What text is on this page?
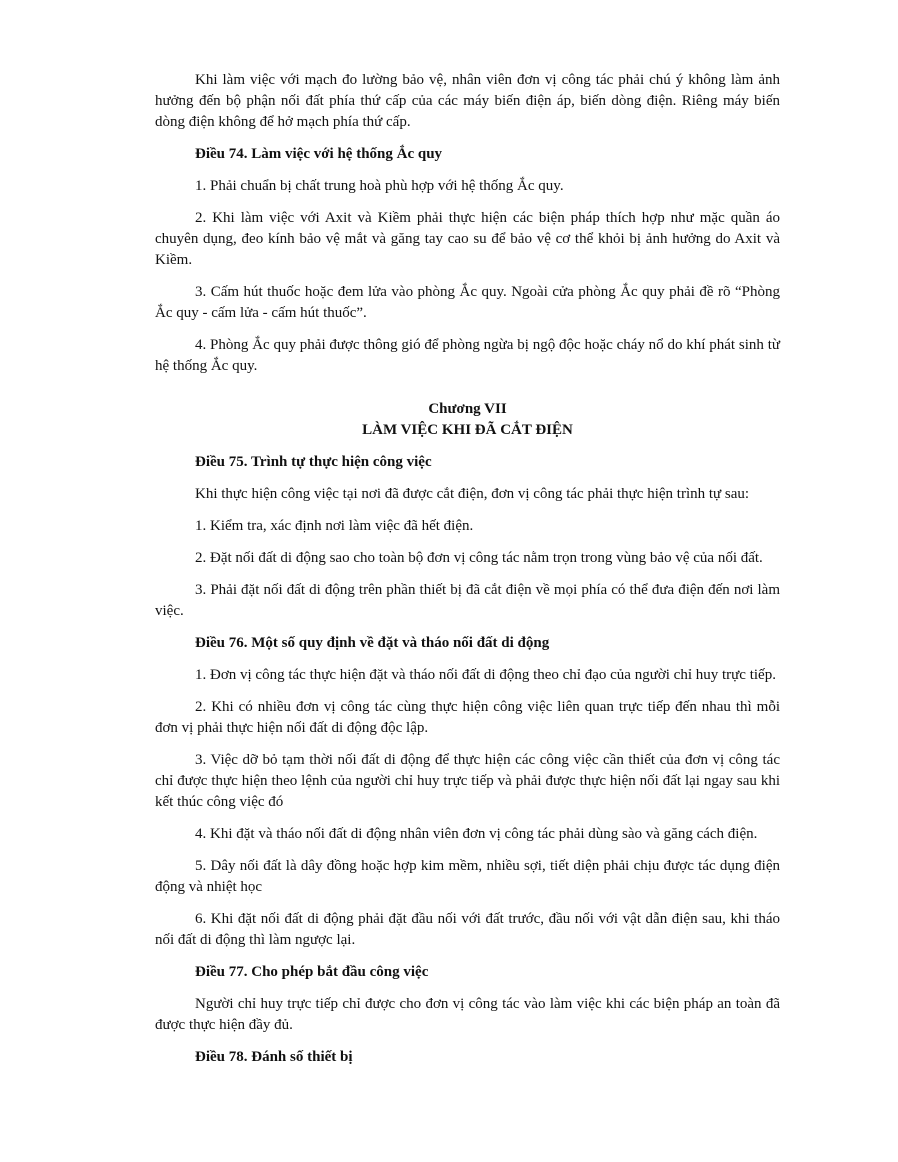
Khi làm việc với mạch đo lường bảo vệ, nhân viên đơn vị công tác phải chú ý không làm ảnh hưởng đến bộ phận nối đất phía thứ cấp của các máy biến điện áp, biến dòng điện. Riêng máy biến dòng điện không để hở mạch phía thứ cấp.

Điều 74. Làm việc với hệ thống Ắc quy

1. Phải chuẩn bị chất trung hoà phù hợp với hệ thống Ắc quy.

2. Khi làm việc với Axit và Kiềm phải thực hiện các biện pháp thích hợp như mặc quần áo chuyên dụng, đeo kính bảo vệ mắt và găng tay cao su để bảo vệ cơ thể khỏi bị ảnh hưởng do Axit và Kiềm.

3. Cấm hút thuốc hoặc đem lửa vào phòng Ắc quy. Ngoài cửa phòng Ắc quy phải đề rõ “Phòng Ắc quy - cấm lửa - cấm hút thuốc”.

4. Phòng Ắc quy phải được thông gió để phòng ngừa bị ngộ độc hoặc cháy nổ do khí phát sinh từ hệ thống Ắc quy.

Chương VII
LÀM VIỆC KHI ĐÃ CẮT ĐIỆN

Điều 75. Trình tự thực hiện công việc

Khi thực hiện công việc tại nơi đã được cắt điện, đơn vị công tác phải thực hiện trình tự sau:

1. Kiểm tra, xác định nơi làm việc đã hết điện.

2. Đặt nối đất di động sao cho toàn bộ đơn vị công tác nằm trọn trong vùng bảo vệ của nối đất.

3. Phải đặt nối đất di động trên phần thiết bị đã cắt điện về mọi phía có thể đưa điện đến nơi làm việc.

Điều 76. Một số quy định về đặt và tháo nối đất di động

1. Đơn vị công tác thực hiện đặt và tháo nối đất di động theo chỉ đạo của người chỉ huy trực tiếp.

2. Khi có nhiều đơn vị công tác cùng thực hiện công việc liên quan trực tiếp đến nhau thì mỗi đơn vị phải thực hiện nối đất di động độc lập.

3. Việc dỡ bỏ tạm thời nối đất di động để thực hiện các công việc cần thiết của đơn vị công tác chỉ được thực hiện theo lệnh của người chỉ huy trực tiếp và phải được thực hiện nối đất lại ngay sau khi kết thúc công việc đó

4. Khi đặt và tháo nối đất di động nhân viên đơn vị công tác phải dùng sào và găng cách điện.

5. Dây nối đất là dây đồng hoặc hợp kim mềm, nhiều sợi, tiết diện phải chịu được tác dụng điện động và nhiệt học

6. Khi đặt nối đất di động phải đặt đầu nối với đất trước, đầu nối với vật dẫn điện sau, khi tháo nối đất di động thì làm ngược lại.

Điều 77. Cho phép bắt đầu công việc

Người chỉ huy trực tiếp chỉ được cho đơn vị công tác vào làm việc khi các biện pháp an toàn đã được thực hiện đầy đủ.

Điều 78. Đánh số thiết bị
